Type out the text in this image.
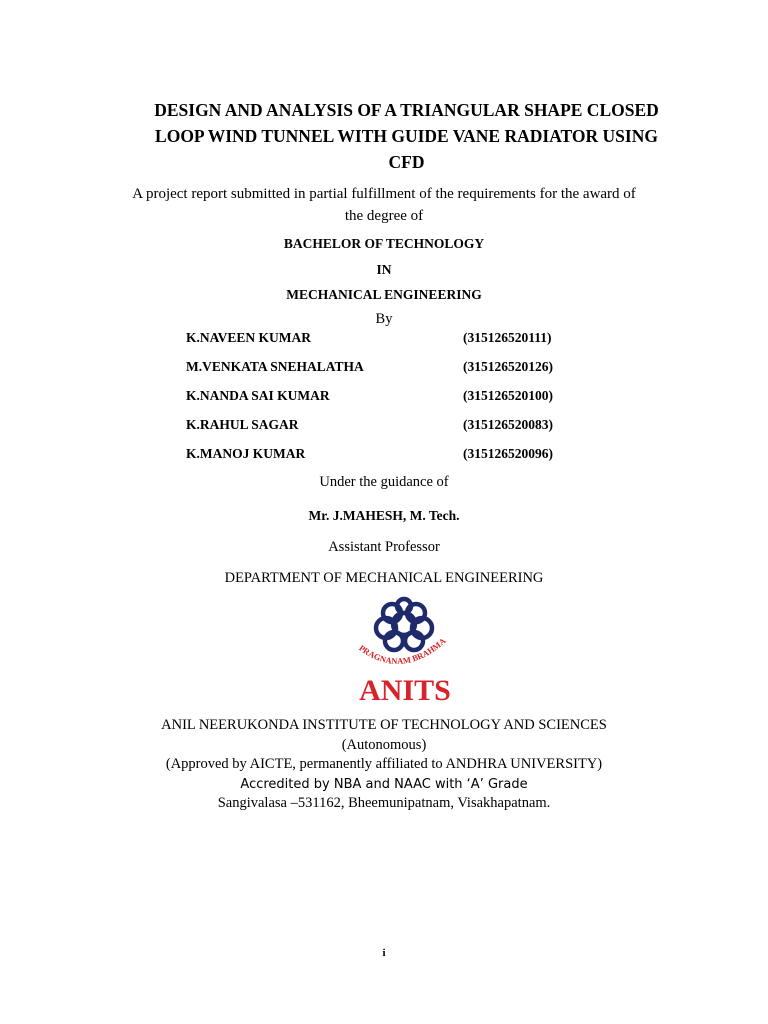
DESIGN AND ANALYSIS OF A TRIANGULAR SHAPE CLOSED
LOOP WIND TUNNEL WITH GUIDE VANE RADIATOR USING
CFD
A project report submitted in partial fulfillment of the requirements for the award of
the degree of
BACHELOR OF TECHNOLOGY
IN
MECHANICAL ENGINEERING
By
K.NAVEEN KUMAR	(315126520111)
M.VENKATA SNEHALATHA	(315126520126)
K.NANDA SAI KUMAR	(315126520100)
K.RAHUL SAGAR	(315126520083)
K.MANOJ KUMAR	(315126520096)
Under the guidance of
Mr. J.MAHESH, M. Tech.
Assistant Professor
DEPARTMENT OF MECHANICAL ENGINEERING
PRAGNANAM BRAHMA
ANITS
ANIL NEERUKONDA INSTITUTE OF TECHNOLOGY AND SCIENCES
(Autonomous)
(Approved by AICTE, permanently affiliated to ANDHRA UNIVERSITY)
Accredited by NBA and NAAC with ‘A’ Grade
Sangivalasa –531162, Bheemunipatnam, Visakhapatnam.
i
